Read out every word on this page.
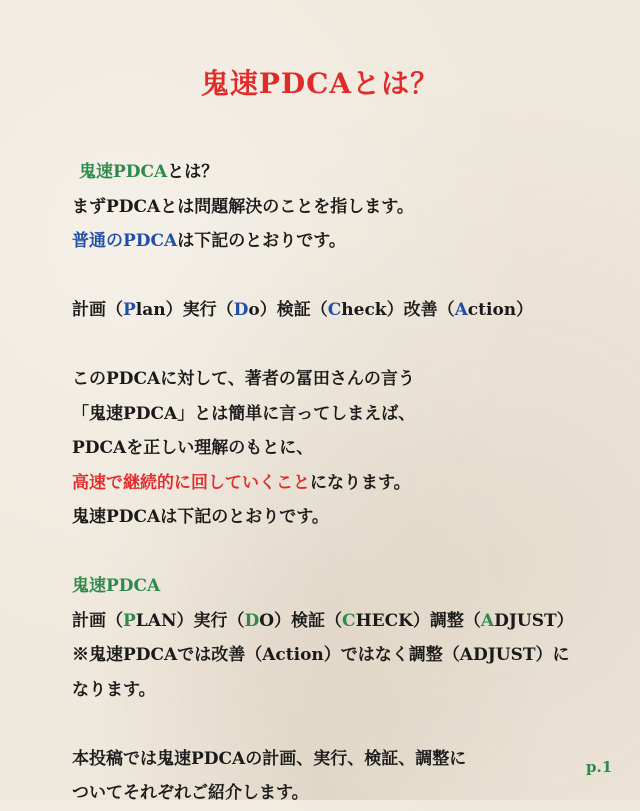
鬼速PDCAとは？
鬼速PDCAとは？
まずPDCAとは問題解決のことを指します。
普通のPDCAは下記のとおりです。
計画（Plan）実行（Do）検証（Check）改善（Action）
このPDCAに対して、著者の冨田さんの言う
「鬼速PDCA」とは簡単に言ってしまえば、
PDCAを正しい理解のもとに、
高速で継続的に回していくことになります。
鬼速PDCAは下記のとおりです。
鬼速PDCA
計画（PLAN）実行（DO）検証（CHECK）調整（ADJUST）
※鬼速PDCAでは改善（Action）ではなく調整（ADJUST）に
なります。
本投稿では鬼速PDCAの計画、実行、検証、調整に
ついてそれぞれご紹介します。
p.1
